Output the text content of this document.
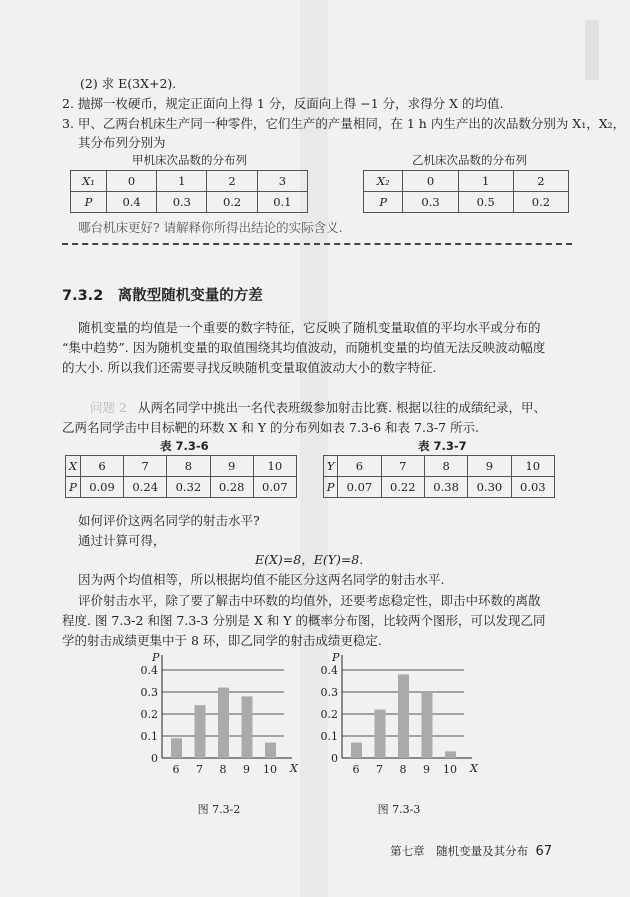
(2) 求 E(3X+2).
2. 抛掷一枚硬币，规定正面向上得 1 分，反面向上得 −1 分，求得分 X 的均值.
3. 甲、乙两台机床生产同一种零件，它们生产的产量相同，在 1 h 内生产出的次品数分别为 X₁，X₂，
其分布列分别为
甲机床次品数的分布列	乙机床次品数的分布列
X₁	0	1	2	3
P	0.4	0.3	0.2	0.1
X₂	0	1	2
P	0.3	0.5	0.2
哪台机床更好? 请解释你所得出结论的实际含义.
7.3.2　离散型随机变量的方差
随机变量的均值是一个重要的数字特征，它反映了随机变量取值的平均水平或分布的
“集中趋势”. 因为随机变量的取值围绕其均值波动，而随机变量的均值无法反映波动幅度
的大小. 所以我们还需要寻找反映随机变量取值波动大小的数字特征.
问题 2 从两名同学中挑出一名代表班级参加射击比赛. 根据以往的成绩纪录，甲、
乙两名同学击中目标靶的环数 X 和 Y 的分布列如表 7.3-6 和表 7.3-7 所示.
表 7.3-6	表 7.3-7
X	6	7	8	9	10
P	0.09	0.24	0.32	0.28	0.07
Y	6	7	8	9	10
P	0.07	0.22	0.38	0.30	0.03
如何评价这两名同学的射击水平?
通过计算可得，
E(X)=8，E(Y)=8.
因为两个均值相等，所以根据均值不能区分这两名同学的射击水平.
评价射击水平，除了要了解击中环数的均值外，还要考虑稳定性，即击中环数的离散
程度. 图 7.3-2 和图 7.3-3 分别是 X 和 Y 的概率分布图，比较两个图形，可以发现乙同
学的射击成绩更集中于 8 环，即乙同学的射击成绩更稳定.
0
0.1
0.2
0.3
0.4
P
X
6 7 8 9 10
图 7.3-2
0
0.1
0.2
0.3
0.4
P
X
6 7 8 9 10
图 7.3-3
第七章　随机变量及其分布 67
